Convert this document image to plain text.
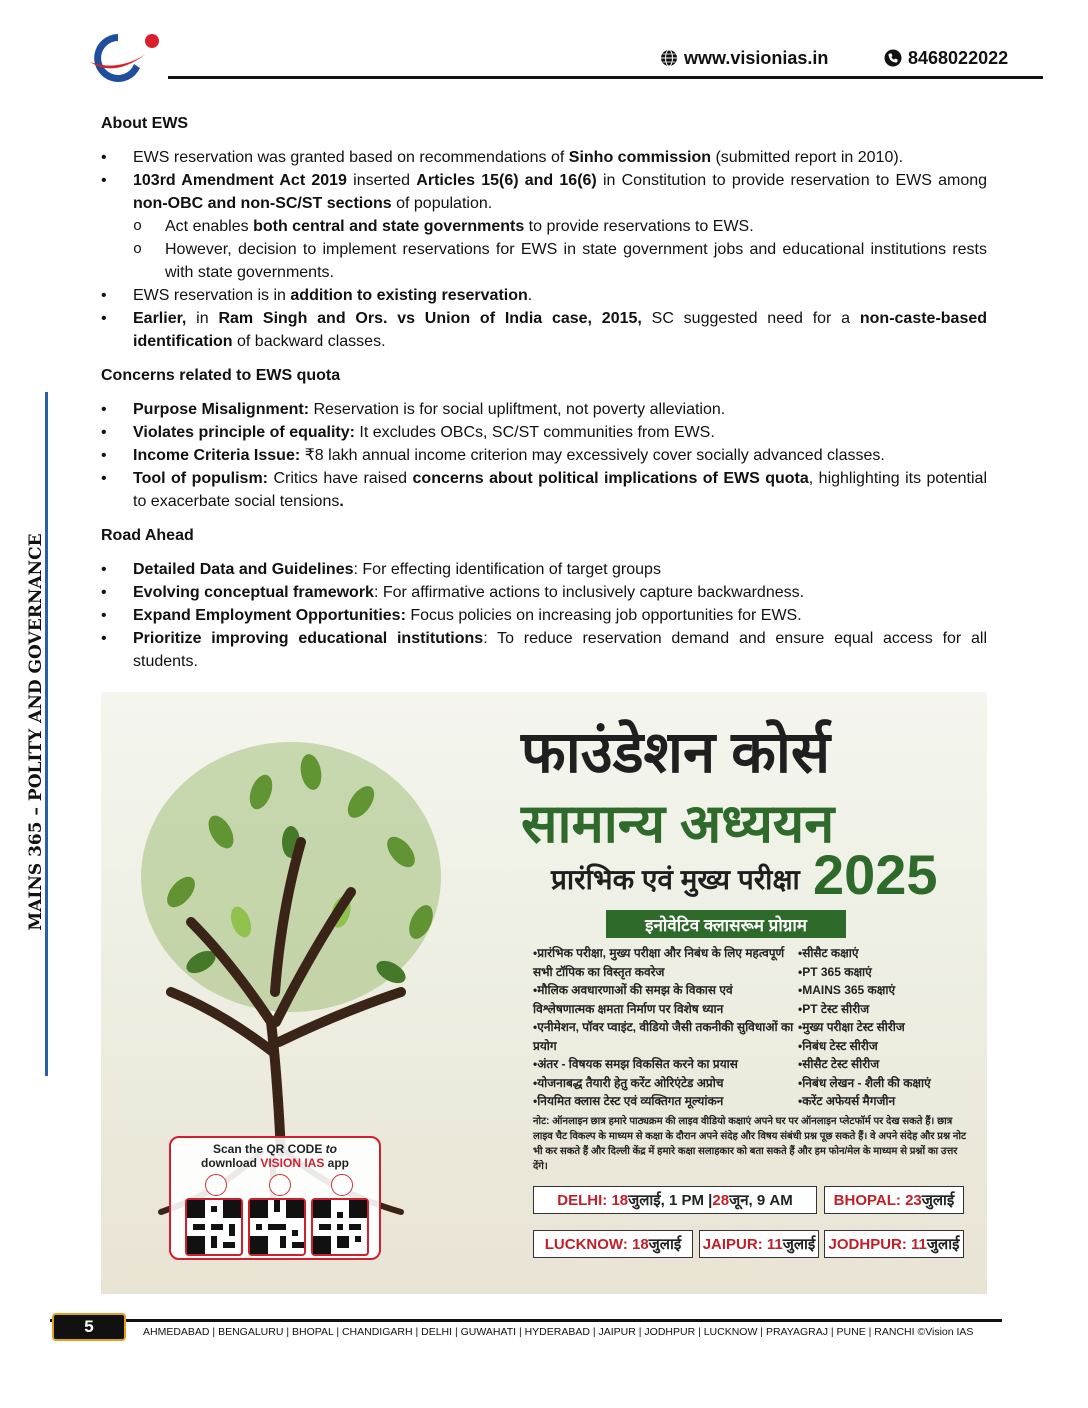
www.visionias.in	8468022022
MAINS 365 – POLITY AND GOVERNANCE

About EWS

• EWS reservation was granted based on recommendations of Sinho commission (submitted report in 2010).
• 103rd Amendment Act 2019 inserted Articles 15(6) and 16(6) in Constitution to provide reservation to EWS among non-OBC and non-SC/ST sections of population.
o Act enables both central and state governments to provide reservations to EWS.
o However, decision to implement reservations for EWS in state government jobs and educational institutions rests with state governments.
• EWS reservation is in addition to existing reservation.
• Earlier, in Ram Singh and Ors. vs Union of India case, 2015, SC suggested need for a non-caste-based identification of backward classes.

Concerns related to EWS quota

• Purpose Misalignment: Reservation is for social upliftment, not poverty alleviation.
• Violates principle of equality: It excludes OBCs, SC/ST communities from EWS.
• Income Criteria Issue: ₹8 lakh annual income criterion may excessively cover socially advanced classes.
• Tool of populism: Critics have raised concerns about political implications of EWS quota, highlighting its potential to exacerbate social tensions.

Road Ahead

• Detailed Data and Guidelines: For effecting identification of target groups
• Evolving conceptual framework: For affirmative actions to inclusively capture backwardness.
• Expand Employment Opportunities: Focus policies on increasing job opportunities for EWS.
• Prioritize improving educational institutions: To reduce reservation demand and ensure equal access for all students.
फाउंडेशन कोर्स
सामान्य अध्ययन
प्रारंभिक एवं मुख्य परीक्षा 2025
इनोवेटिव क्लासरूम प्रोग्राम
• प्रारंभिक परीक्षा, मुख्य परीक्षा और निबंध के लिए महत्वपूर्ण सभी टॉपिक का विस्तृत कवरेज
• मौलिक अवधारणाओं की समझ के विकास एवं विश्लेषणात्मक क्षमता निर्माण पर विशेष ध्यान
• एनीमेशन, पॉवर प्वाइंट, वीडियो जैसी तकनीकी सुविधाओं का प्रयोग
• अंतर - विषयक समझ विकसित करने का प्रयास
• योजनाबद्ध तैयारी हेतु करेंट ओरिएंटेड अप्रोच
• नियमित क्लास टेस्ट एवं व्यक्तिगत मूल्यांकन
• सीसैट कक्षाएं
• PT 365 कक्षाएं
• MAINS 365 कक्षाएं
• PT टेस्ट सीरीज
• मुख्य परीक्षा टेस्ट सीरीज
• निबंध टेस्ट सीरीज
• सीसैट टेस्ट सीरीज
• निबंध लेखन - शैली की कक्षाएं
• करेंट अफेयर्स मैगजीन
नोट: ऑनलाइन छात्र हमारे पाठ्यक्रम की लाइव वीडियो कक्षाएं अपने घर पर ऑनलाइन प्लेटफॉर्म पर देख सकते हैं। छात्र लाइव चैट विकल्प के माध्यम से कक्षा के दौरान अपने संदेह और विषय संबंधी प्रश्न पूछ सकते हैं। वे अपने संदेह और प्रश्न नोट भी कर सकते हैं और दिल्ली केंद्र में हमारे कक्षा सलाहकार को बता सकते हैं और हम फोन/मेल के माध्यम से प्रश्नों का उत्तर देंगे।
DELHI:
18 जुलाई, 1 PM | 28 जून, 9 AM	BHOPAL:
23 जुलाई
LUCKNOW:
18 जुलाई JAIPUR:
11 जुलाई JODHPUR:
11 जुलाई
Scan the QR CODE to
download VISION IAS app
5	AHMEDABAD | BENGALURU | BHOPAL | CHANDIGARH | DELHI | GUWAHATI | HYDERABAD | JAIPUR | JODHPUR | LUCKNOW | PRAYAGRAJ | PUNE | RANCHI ©Vision IAS
